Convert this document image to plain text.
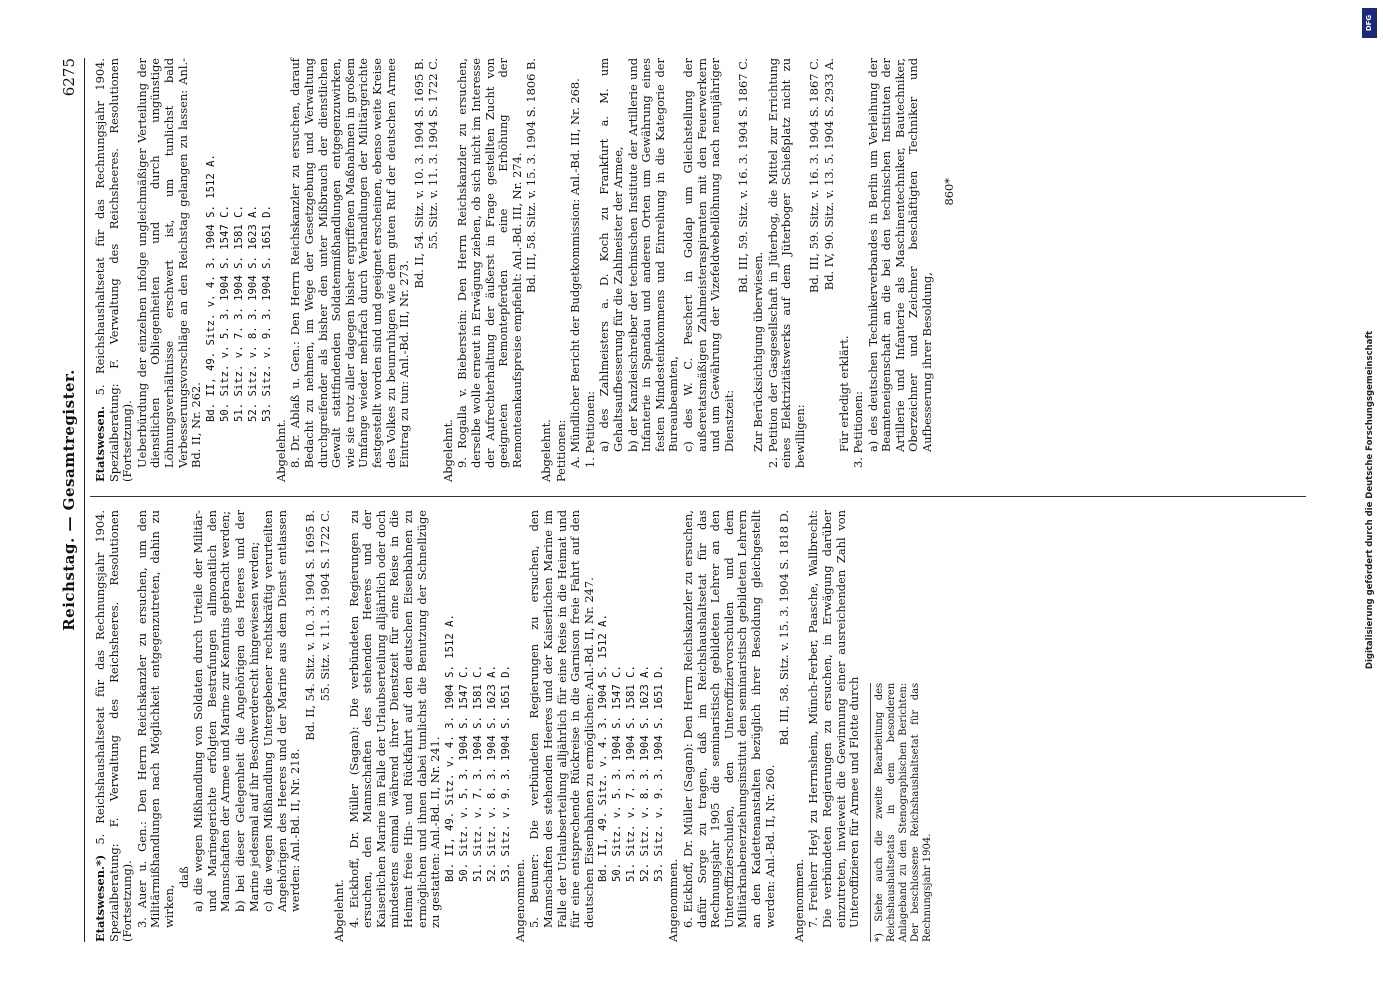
Reichstag. — Gesamtregister.
6275

Etatswesen.*) 5. Reichshaushaltsetat für das Rechnungsjahr 1904. Spezialberatung: F. Verwaltung des Reichsheeres. Resolutionen (Fortsetzung). 3. Auer u. Gen.: Den Herrn Reichskanzler zu ersuchen, um den Militärmißhandlungen nach Möglichkeit entgegenzutreten, dahin zu wirken,

daß a) die wegen Mißhandlung von Soldaten durch Urteile der Militär- und Marinegerichte erfolgten Bestrafungen allmonatlich den Mannschaften der Armee und Marine zur Kenntnis gebracht werden; b) bei dieser Gelegenheit die Angehörigen des Heeres und der Marine jedesmal auf ihr Beschwerderecht hingewiesen werden; c) die wegen Mißhandlung Untergebener rechtskräftig verurteilten Angehörigen des Heeres und der Marine aus dem Dienst entlassen werden: Anl.-Bd. II, Nr. 218.

Bd. II, 54. Sitz. v. 10. 3. 1904 S. 1695 B. 55. Sitz. v. 11. 3. 1904 S. 1722 C.

Abgelehnt. 4. Eickhoff, Dr. Müller (Sagan): Die verbündeten Regierungen zu ersuchen, den Mannschaften des stehenden Heeres und der Kaiserlichen Marine im Falle der Urlaubserteilung alljährlich oder doch mindestens einmal während ihrer Dienstzeit für eine Reise in die Heimat freie Hin- und Rückfahrt auf den deutschen Eisenbahnen zu ermöglichen und ihnen dabei tunlichst die Benutzung der Schnellzüge zu gestatten: Anl.-Bd. II, Nr. 241. Bd. II, 49. Sitz. v. 4. 3. 1904 S. 1512 A. 50. Sitz. v. 5. 3. 1904 S. 1547 C. 51. Sitz. v. 7. 3. 1904 S. 1581 C. 52. Sitz. v. 8. 3. 1904 S. 1623 A. 53. Sitz. v. 9. 3. 1904 S. 1651 D.

Angenommen. 5. Beumer: Die verbündeten Regierungen zu ersuchen, den Mannschaften des stehenden Heeres und der Kaiserlichen Marine im Falle der Urlaubserteilung alljährlich für eine Reise in die Heimat und für eine entsprechende Rückreise in die Garnison freie Fahrt auf den deutschen Eisenbahnen zu ermöglichen: Anl.-Bd. II, Nr. 247. Bd. II, 49. Sitz. v. 4. 3. 1904 S. 1512 A. 50. Sitz. v. 5. 3. 1904 S. 1547 C. 51. Sitz. v. 7. 3. 1904 S. 1581 C. 52. Sitz. v. 8. 3. 1904 S. 1623 A. 53. Sitz. v. 9. 3. 1904 S. 1651 D.

Angenommen. 6. Eickhoff, Dr. Müller (Sagan): Den Herrn Reichskanzler zu ersuchen, dafür Sorge zu tragen, daß im Reichshaushaltsetat für das Rechnungsjahr 1905 die seminaristisch gebildeten Lehrer an den Unteroffizierschulen, den Unteroffiziervorschulen und dem Militärknabenerziehungsinstitut den seminaristisch gebildeten Lehrern an den Kadettenanstalten bezüglich ihrer Besoldung gleichgestellt werden: Anl.-Bd. II, Nr. 260.

Bd. III, 58. Sitz. v. 15. 3. 1904 S. 1818 D.

Angenommen. 7. Freiherr Heyl zu Herrnsheim, Münch-Ferber, Paasche, Wallbrecht: Die verbündeten Regierungen zu ersuchen, in Erwägung darüber einzutreten, inwieweit die Gewinnung einer ausreichenden Zahl von Unteroffizieren für Armee und Flotte durch	*) Siehe auch die zweite Bearbeitung des Reichshaushaltsetats in dem besonderen Anlageband zu den Stenographischen Berichten: Der beschlossene Reichshaushaltsetat für das Rechnungsjahr 1904.

Etatswesen. 5. Reichshaushaltsetat für das Rechnungsjahr 1904. Spezialberatung: F. Verwaltung des Reichsheeres. Resolutionen (Fortsetzung). Ueberbürdung der einzelnen infolge ungleichmäßiger Verteilung der dienstlichen Obliegenheiten und durch ungünstige Löhnungsverhältnisse erschwert ist, um tunlichst bald Verbesserungsvorschläge an den Reichstag gelangen zu lassen: Anl.-Bd. II, Nr. 262.

Bd. II, 49. Sitz. v. 4. 3. 1904 S. 1512 A. 50. Sitz. v. 5. 3. 1904 S. 1547 C. 51. Sitz. v. 7. 3. 1904 S. 1581 C. 52. Sitz. v. 8. 3. 1904 S. 1623 A. 53. Sitz. v. 9. 3. 1904 S. 1651 D.

Abgelehnt. 8. Dr. Ablaß u. Gen.: Den Herrn Reichskanzler zu ersuchen, darauf Bedacht zu nehmen, im Wege der Gesetzgebung und Verwaltung durchgreifender als bisher den unter Mißbrauch der dienstlichen Gewalt stattfindenden Soldatenmißhandlungen entgegenzuwirken, wie sie trotz aller dagegen bisher ergriffenen Maßnahmen in großem Umfange wieder mehrfach durch Verhandlungen der Militärgerichte festgestellt worden sind und geeignet erscheinen, ebenso weite Kreise des Volkes zu beunruhigen wie dem guten Ruf der deutschen Armee Eintrag zu tun: Anl.-Bd. III, Nr. 273.

Bd. II, 54. Sitz. v. 10. 3. 1904 S. 1695 B. 55. Sitz. v. 11. 3. 1904 S. 1722 C.

Abgelehnt. 9. Rogalla v. Bieberstein: Den Herrn Reichskanzler zu ersuchen, derselbe wolle erneut in Erwägung ziehen, ob sich nicht im Interesse der Aufrechterhaltung der äußerst in Frage gestellten Zucht von geeigneten Remontepferden eine Erhöhung der Remonteankaufspreise empfiehlt: Anl.-Bd. III, Nr. 274. Bd. III, 58. Sitz. v. 15. 3. 1904 S. 1806 B.

Abgelehnt. Petitionen: A. Mündlicher Bericht der Budgetkommission: Anl.-Bd. III, Nr. 268. 1. Petitionen: a) des Zahlmeisters a. D. Koch zu Frankfurt a. M. um Gehaltsaufbesserung für die Zahlmeister der Armee, b) der Kanzleischreiber der technischen Institute der Artillerie und Infanterie in Spandau und anderen Orten um Gewährung eines festen Mindesteinkommens und Einreihung in die Kategorie der Bureaubeamten, c) des W. C. Peschert in Goldap um Gleichstellung der außeretatsmäßigen Zahlmeisteraspiranten mit den Feuerwerkern und um Gewährung der Vizefeldwebellöhnung nach neunjähriger Dienstzeit:

Bd. III, 59. Sitz. v. 16. 3. 1904 S. 1867 C.

Zur Berücksichtigung überwiesen. 2. Petition der Gasgesellschaft in Jüterbog, die Mittel zur Errichtung eines Elektrizitätswerks auf dem Jüterboger Schießplatz nicht zu bewilligen:

Bd. III, 59. Sitz. v. 16. 3. 1904 S. 1867 C. Bd. IV, 90. Sitz. v. 13. 5. 1904 S. 2933 A.

Für erledigt erklärt. 3. Petitionen: a) des deutschen Technikerverbandes in Berlin um Verleihung der Beamteneigenschaft an die bei den technischen Instituten der Artillerie und Infanterie als Maschinentechniker, Bautechniker, Oberzeichner und Zeichner beschäftigten Techniker und Aufbesserung ihrer Besoldung,

860*
DFG
Digitalisierung gefördert durch die Deutsche Forschungsgemeinschaft
